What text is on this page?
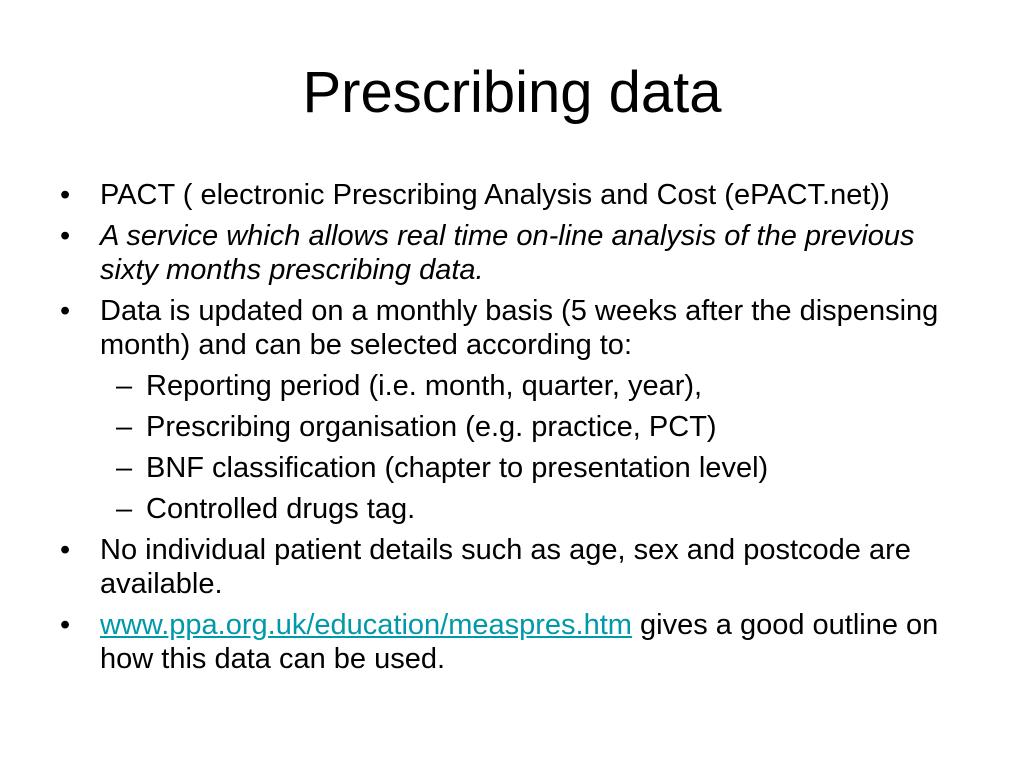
Prescribing data
•	PACT ( electronic Prescribing Analysis and Cost (ePACT.net))
•	A service which allows real time on-line analysis of the previous sixty months prescribing data.
•	Data is updated on a monthly basis (5 weeks after the dispensing month) and can be selected according to:
– Reporting period (i.e. month, quarter, year),
– Prescribing organisation (e.g. practice, PCT)
– BNF classification (chapter to presentation level)
– Controlled drugs tag.
•	No individual patient details such as age, sex and postcode are available.
•	www.ppa.org.uk/education/measpres.htm gives a good outline on how this data can be used.
